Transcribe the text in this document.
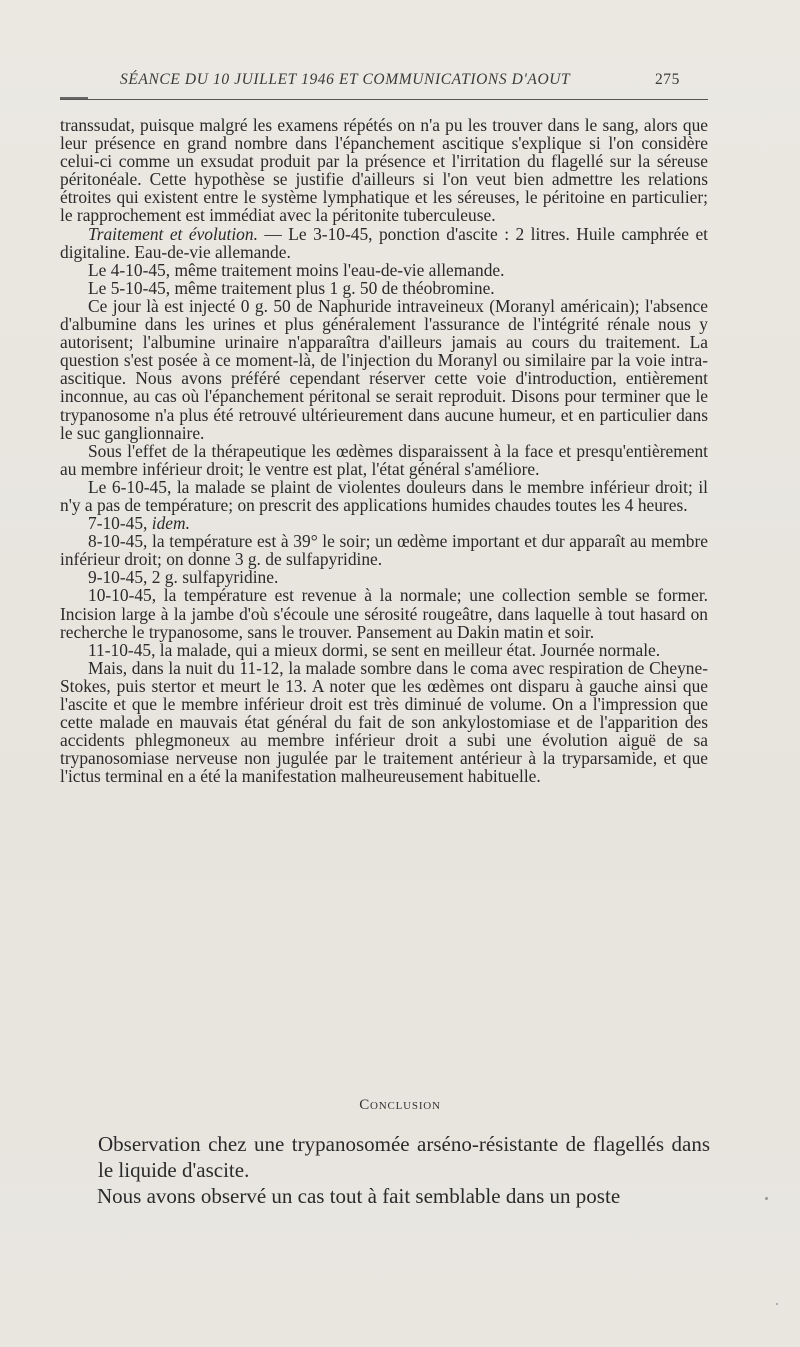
SÉANCE DU 10 JUILLET 1946 ET COMMUNICATIONS D'AOUT	275

transsudat, puisque malgré les examens répétés on n'a pu les trouver dans le sang, alors que leur présence en grand nombre dans l'épanchement ascitique s'explique si l'on considère celui-ci comme un exsudat produit par la présence et l'irritation du flagellé sur la séreuse péritonéale. Cette hypothèse se justifie d'ailleurs si l'on veut bien admettre les relations étroites qui existent entre le système lymphatique et les séreuses, le péritoine en particulier; le rapprochement est immédiat avec la péritonite tuberculeuse.

Traitement et évolution. — Le 3-10-45, ponction d'ascite : 2 litres. Huile camphrée et digitaline. Eau-de-vie allemande.

Le 4-10-45, même traitement moins l'eau-de-vie allemande.

Le 5-10-45, même traitement plus 1 g. 50 de théobromine.

Ce jour là est injecté 0 g. 50 de Naphuride intraveineux (Moranyl américain); l'absence d'albumine dans les urines et plus généralement l'assurance de l'intégrité rénale nous y autorisent; l'albumine urinaire n'apparaîtra d'ailleurs jamais au cours du traitement. La question s'est posée à ce moment-là, de l'injection du Moranyl ou similaire par la voie intra-ascitique. Nous avons préféré cependant réserver cette voie d'introduction, entièrement inconnue, au cas où l'épanchement péritonal se serait reproduit. Disons pour terminer que le trypanosome n'a plus été retrouvé ultérieurement dans aucune humeur, et en particulier dans le suc ganglionnaire.

Sous l'effet de la thérapeutique les œdèmes disparaissent à la face et presqu'entièrement au membre inférieur droit; le ventre est plat, l'état général s'améliore.

Le 6-10-45, la malade se plaint de violentes douleurs dans le membre inférieur droit; il n'y a pas de température; on prescrit des applications humides chaudes toutes les 4 heures.

7-10-45, idem.

8-10-45, la température est à 39° le soir; un œdème important et dur apparaît au membre inférieur droit; on donne 3 g. de sulfapyridine.

9-10-45, 2 g. sulfapyridine.

10-10-45, la température est revenue à la normale; une collection semble se former. Incision large à la jambe d'où s'écoule une sérosité rougeâtre, dans laquelle à tout hasard on recherche le trypanosome, sans le trouver. Pansement au Dakin matin et soir.

11-10-45, la malade, qui a mieux dormi, se sent en meilleur état. Journée normale.

Mais, dans la nuit du 11-12, la malade sombre dans le coma avec respiration de Cheyne-Stokes, puis stertor et meurt le 13. A noter que les œdèmes ont disparu à gauche ainsi que l'ascite et que le membre inférieur droit est très diminué de volume. On a l'impression que cette malade en mauvais état général du fait de son ankylostomiase et de l'apparition des accidents phlegmoneux au membre inférieur droit a subi une évolution aiguë de sa trypanosomiase nerveuse non jugulée par le traitement antérieur à la tryparsamide, et que l'ictus terminal en a été la manifestation malheureusement habituelle.

Conclusion

Observation chez une trypanosomée arséno-résistante de flagellés dans le liquide d'ascite.

Nous avons observé un cas tout à fait semblable dans un poste
